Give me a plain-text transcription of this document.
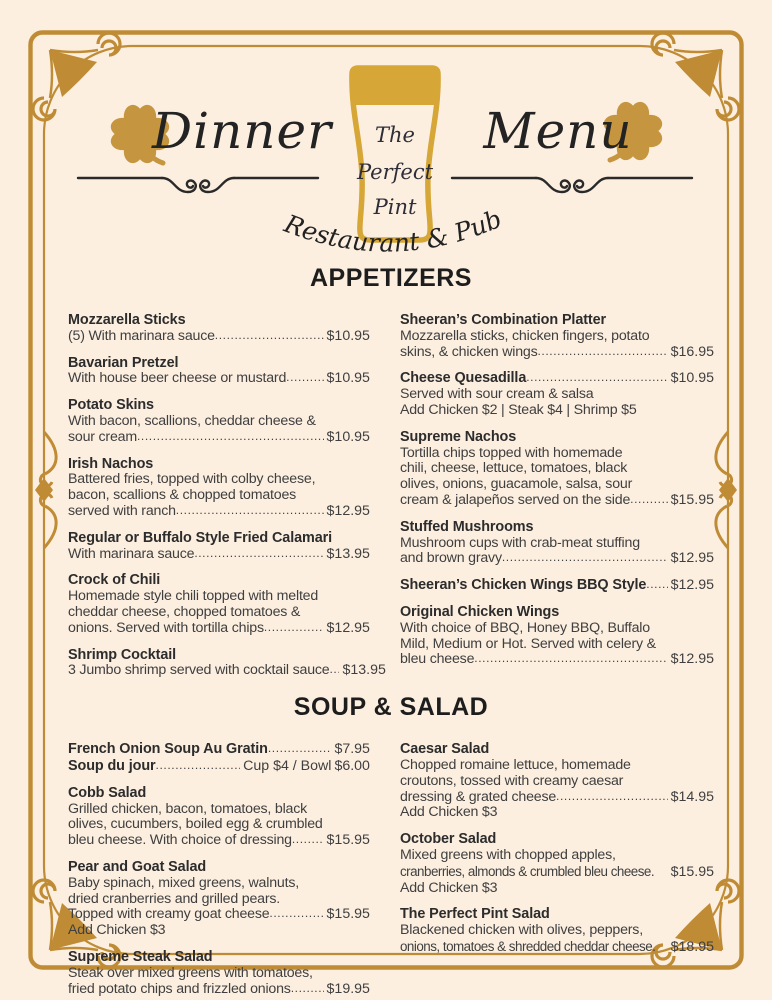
The
Perfect
Pint
Restaurant & Pub
Dinner	Menu
APPETIZERS
Mozzarella Sticks
(5) With marinara sauce .....	$10.95
Bavarian Pretzel
With house beer cheese or mustard .....	$10.95
Potato Skins
With bacon, scallions, cheddar cheese &
sour cream .....	$10.95
Irish Nachos
Battered fries, topped with colby cheese,
bacon, scallions & chopped tomatoes
served with ranch .....	$12.95
Regular or Buffalo Style Fried Calamari
With marinara sauce .....	$13.95
Crock of Chili
Homemade style chili topped with melted
cheddar cheese, chopped tomatoes &
onions. Served with tortilla chips .....	$12.95
Shrimp Cocktail
3 Jumbo shrimp served with cocktail sauce ..... $13.95
Sheeran’s Combination Platter
Mozzarella sticks, chicken fingers, potato
skins, & chicken wings .....	$16.95
Cheese Quesadilla .....	$10.95
Served with sour cream & salsa
Add Chicken $2 | Steak $4 | Shrimp $5
Supreme Nachos
Tortilla chips topped with homemade
chili, cheese, lettuce, tomatoes, black
olives, onions, guacamole, salsa, sour
cream & jalapeños served on the side .....	$15.95
Stuffed Mushrooms
Mushroom cups with crab-meat stuffing
and brown gravy .....	$12.95
Sheeran’s Chicken Wings BBQ Style ..... $12.95
Original Chicken Wings
With choice of BBQ, Honey BBQ, Buffalo
Mild, Medium or Hot. Served with celery &
bleu cheese .....	$12.95
SOUP & SALAD
French Onion Soup Au Gratin .....	$7.95
Soup du jour .....	Cup $4 / Bowl $6.00
Cobb Salad
Grilled chicken, bacon, tomatoes, black
olives, cucumbers, boiled egg & crumbled
bleu cheese. With choice of dressing ..... $15.95
Pear and Goat Salad
Baby spinach, mixed greens, walnuts,
dried cranberries and grilled pears.
Topped with creamy goat cheese .....	$15.95
Add Chicken $3
Supreme Steak Salad
Steak over mixed greens with tomatoes,
fried potato chips and frizzled onions .....	$19.95
Caesar Salad
Chopped romaine lettuce, homemade
croutons, tossed with creamy caesar
dressing & grated cheese .....	$14.95
Add Chicken $3
October Salad
Mixed greens with chopped apples,
cranberries, almonds & crumbled bleu cheese. $15.95
Add Chicken $3
The Perfect Pint Salad
Blackened chicken with olives, peppers,
onions, tomatoes & shredded cheddar cheese. $18.95
